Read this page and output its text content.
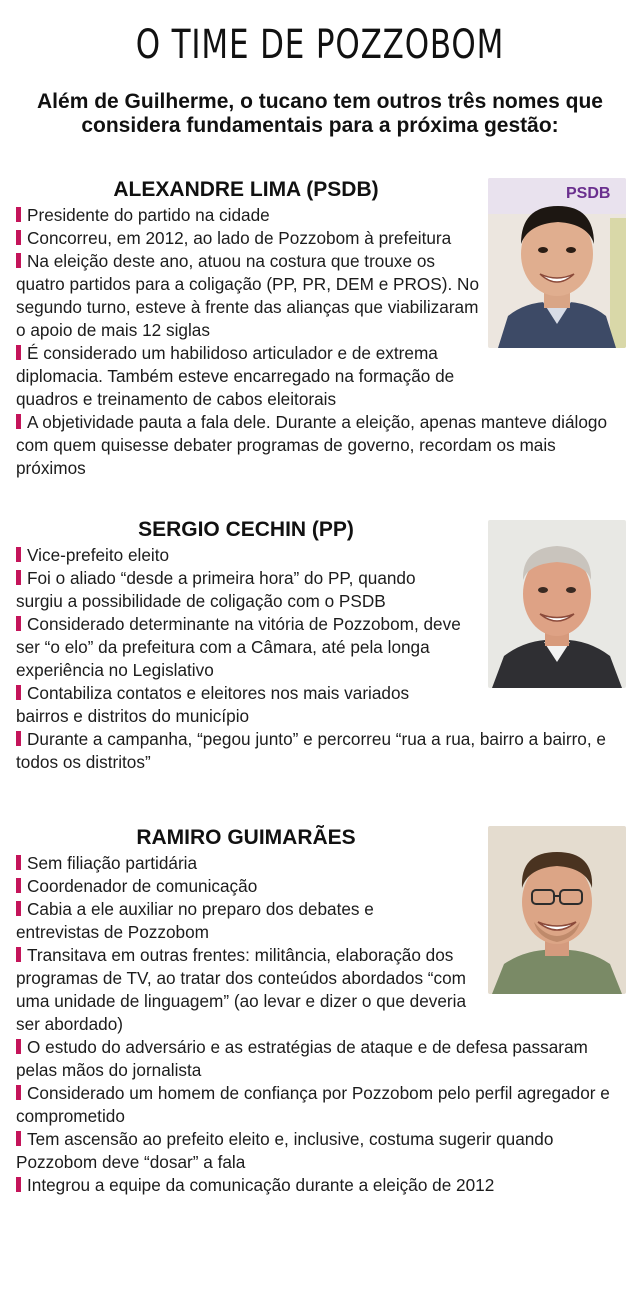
O TIME DE POZZOBOM
Além de Guilherme, o tucano tem outros três nomes que considera fundamentais para a próxima gestão:
ALEXANDRE LIMA (PSDB)
Presidente do partido na cidade
Concorreu, em 2012, ao lado de Pozzobom à prefeitura
Na eleição deste ano, atuou na costura que trouxe os quatro partidos para a coligação (PP, PR, DEM e PROS). No segundo turno, esteve à frente das alianças que viabilizaram o apoio de mais 12 siglas
É considerado um habilidoso articulador e de extrema diplomacia. Também esteve encarregado na formação de quadros e treinamento de cabos eleitorais
A objetividade pauta a fala dele. Durante a eleição, apenas manteve diálogo com quem quisesse debater programas de governo, recordam os mais próximos
PSDB
SERGIO CECHIN (PP)
Vice-prefeito eleito
Foi o aliado “desde a primeira hora” do PP, quando surgiu a possibilidade de coligação com o PSDB
Considerado determinante na vitória de Pozzobom, deve ser “o elo” da prefeitura com a Câmara, até pela longa experiência no Legislativo
Contabiliza contatos e eleitores nos mais variados bairros e distritos do município
Durante a campanha, “pegou junto” e percorreu “rua a rua, bairro a bairro, e todos os distritos”
RAMIRO GUIMARÃES
Sem filiação partidária
Coordenador de comunicação
Cabia a ele auxiliar no preparo dos debates e entrevistas de Pozzobom
Transitava em outras frentes: militância, elaboração dos programas de TV, ao tratar dos conteúdos abordados “com uma unidade de linguagem” (ao levar e dizer o que deveria ser abordado)
O estudo do adversário e as estratégias de ataque e de defesa passaram pelas mãos do jornalista
Considerado um homem de confiança por Pozzobom pelo perfil agregador e comprometido
Tem ascensão ao prefeito eleito e, inclusive, costuma sugerir quando Pozzobom deve “dosar” a fala
Integrou a equipe da comunicação durante a eleição de 2012
